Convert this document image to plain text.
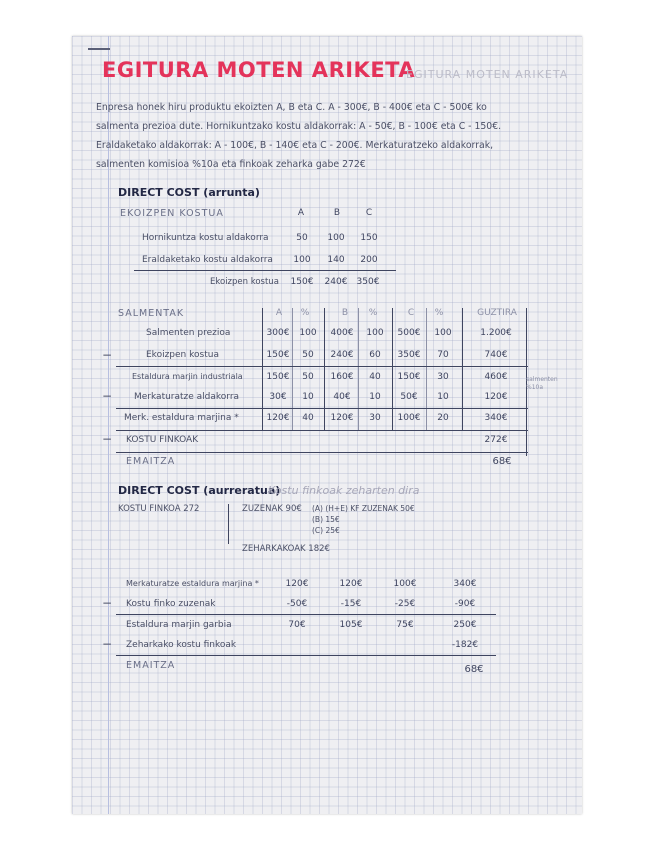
EGITURA MOTEN ARIKETA
EGITURA MOTEN ARIKETA
Enpresa honek hiru produktu ekoizten A, B eta C. A - 300€, B - 400€ eta C - 500€ ko
salmenta prezioa dute. Hornikuntzako kostu aldakorrak: A - 50€, B - 100€ eta C - 150€.
Eraldaketako aldakorrak: A - 100€, B - 140€ eta C - 200€. Merkaturatzeko aldakorrak,
salmenten komisioa %10a eta finkoak zeharka gabe 272€
DIRECT COST (arrunta)
EKOIZPEN KOSTUA	A	B	C
Hornikuntza kostu aldakorra	50	100	150
Eraldaketako kostu aldakorra	100	140	200
Ekoizpen kostua	150€	240€	350€
SALMENTAK	A	%	B	%	C	%	GUZTIRA
Salmenten prezioa	300€	100	400€	100	500€	100	1.200€
−	Ekoizpen kostua	150€	50	240€	60	350€	70	740€
Estaldura marjin industriala	150€	50	160€	40	150€	30	460€
− Merkaturatze aldakorra	30€	10	40€	10	50€	10	120€
salmenten %10a
Merk. estaldura marjina *	120€	40	120€	30	100€	20	340€
− KOSTU FINKOAK	272€
EMAITZA	68€
DIRECT COST (aurreratua)
Kostu finkoak zeharten dira
KOSTU FINKOA 272	ZUZENAK 90€ (A) (H+E) KF ZUZENAK 50€
(B) 15€
(C) 25€
ZEHARKAKOAK 182€
Merkaturatze estaldura marjina *	120€	120€	100€	340€
− Kostu finko zuzenak	-50€	-15€	-25€	-90€
Estaldura marjin garbia	70€	105€	75€	250€
− Zeharkako kostu finkoak	-182€
EMAITZA	68€
